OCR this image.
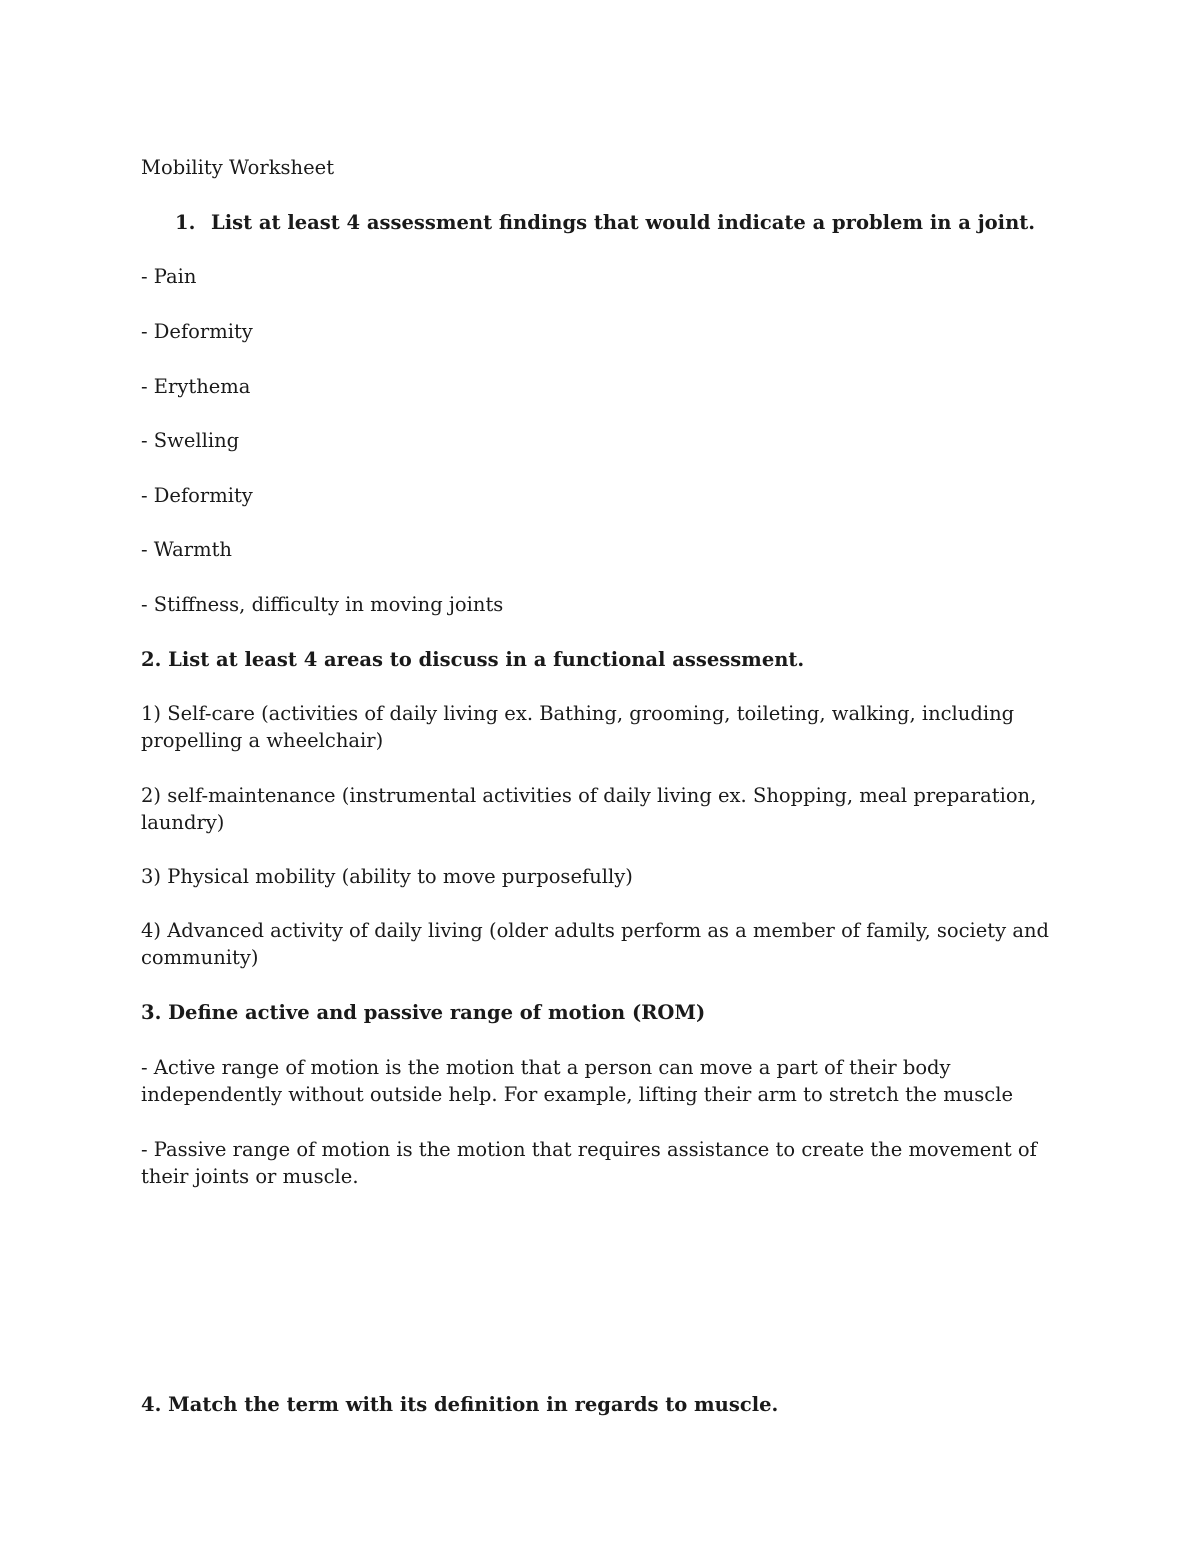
Mobility Worksheet
1. List at least 4 assessment findings that would indicate a problem in a joint.
- Pain
- Deformity
- Erythema
- Swelling
- Deformity
- Warmth
- Stiffness, difficulty in moving joints
2. List at least 4 areas to discuss in a functional assessment.
1) Self-care (activities of daily living ex. Bathing, grooming, toileting, walking, including propelling a wheelchair)
2) self-maintenance (instrumental activities of daily living ex. Shopping, meal preparation, laundry)
3) Physical mobility (ability to move purposefully)
4) Advanced activity of daily living (older adults perform as a member of family, society and community)
3. Define active and passive range of motion (ROM)
- Active range of motion is the motion that a person can move a part of their body independently without outside help. For example, lifting their arm to stretch the muscle
- Passive range of motion is the motion that requires assistance to create the movement of their joints or muscle.
4. Match the term with its definition in regards to muscle.
